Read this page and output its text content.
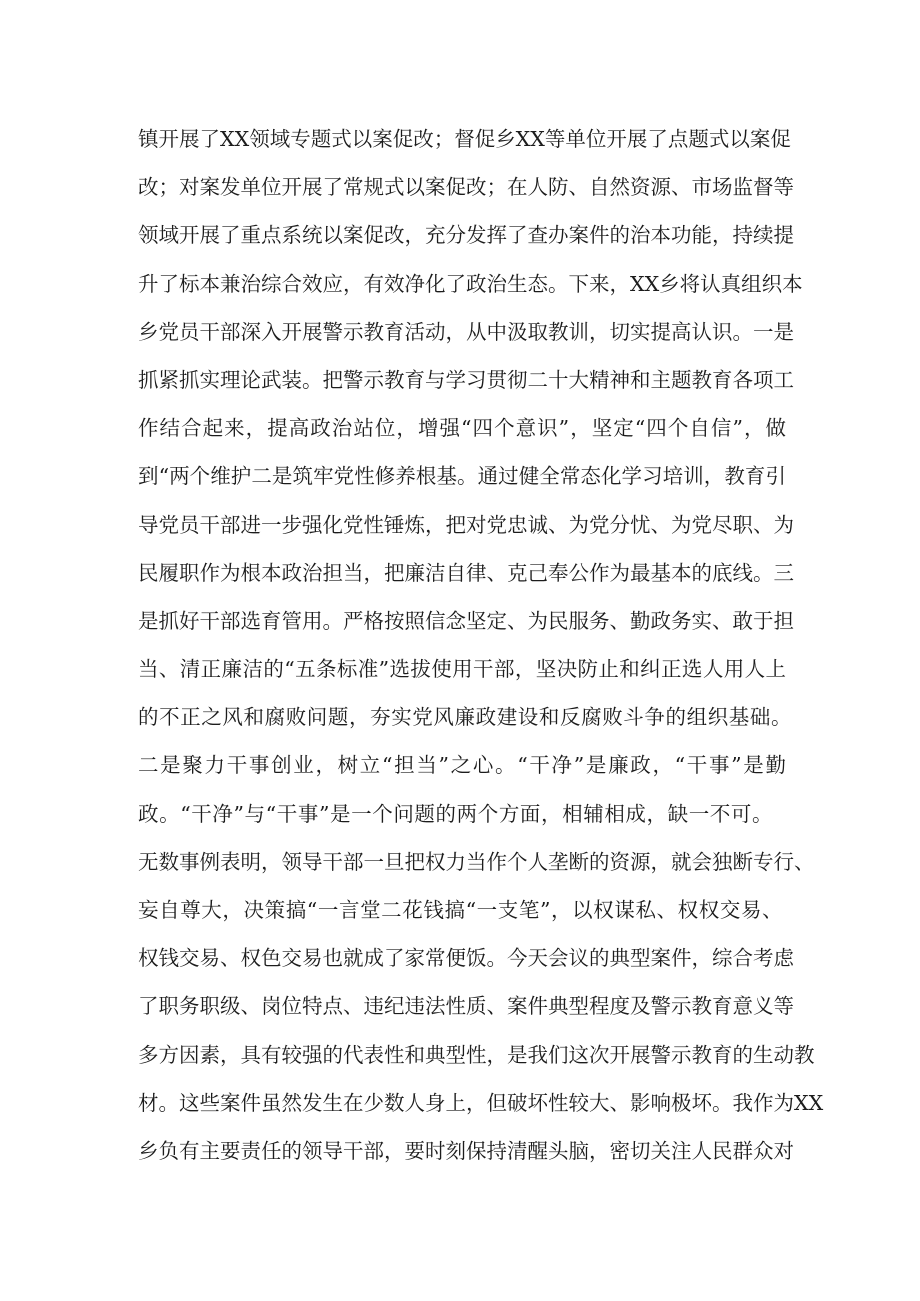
镇开展了XX领域专题式以案促改；督促乡XX等单位开展了点题式以案促
改；对案发单位开展了常规式以案促改；在人防、自然资源、市场监督等
领域开展了重点系统以案促改，充分发挥了查办案件的治本功能，持续提
升了标本兼治综合效应，有效净化了政治生态。下来，XX乡将认真组织本
乡党员干部深入开展警示教育活动，从中汲取教训，切实提高认识。一是
抓紧抓实理论武装。把警示教育与学习贯彻二十大精神和主题教育各项工
作结合起来，提高政治站位，增强“四个意识”，坚定“四个自信”，做
到“两个维护二是筑牢党性修养根基。通过健全常态化学习培训，教育引
导党员干部进一步强化党性锤炼，把对党忠诚、为党分忧、为党尽职、为
民履职作为根本政治担当，把廉洁自律、克己奉公作为最基本的底线。三
是抓好干部选育管用。严格按照信念坚定、为民服务、勤政务实、敢于担
当、清正廉洁的“五条标准”选拔使用干部，坚决防止和纠正选人用人上
的不正之风和腐败问题，夯实党风廉政建设和反腐败斗争的组织基础。
二是聚力干事创业，树立“担当”之心。“干净”是廉政，“干事”是勤
政。“干净”与“干事”是一个问题的两个方面，相辅相成，缺一不可。
无数事例表明，领导干部一旦把权力当作个人垄断的资源，就会独断专行、
妄自尊大，决策搞“一言堂二花钱搞“一支笔”，以权谋私、权权交易、
权钱交易、权色交易也就成了家常便饭。今天会议的典型案件，综合考虑
了职务职级、岗位特点、违纪违法性质、案件典型程度及警示教育意义等
多方因素，具有较强的代表性和典型性，是我们这次开展警示教育的生动教
材。这些案件虽然发生在少数人身上，但破坏性较大、影响极坏。我作为XX
乡负有主要责任的领导干部，要时刻保持清醒头脑，密切关注人民群众对
